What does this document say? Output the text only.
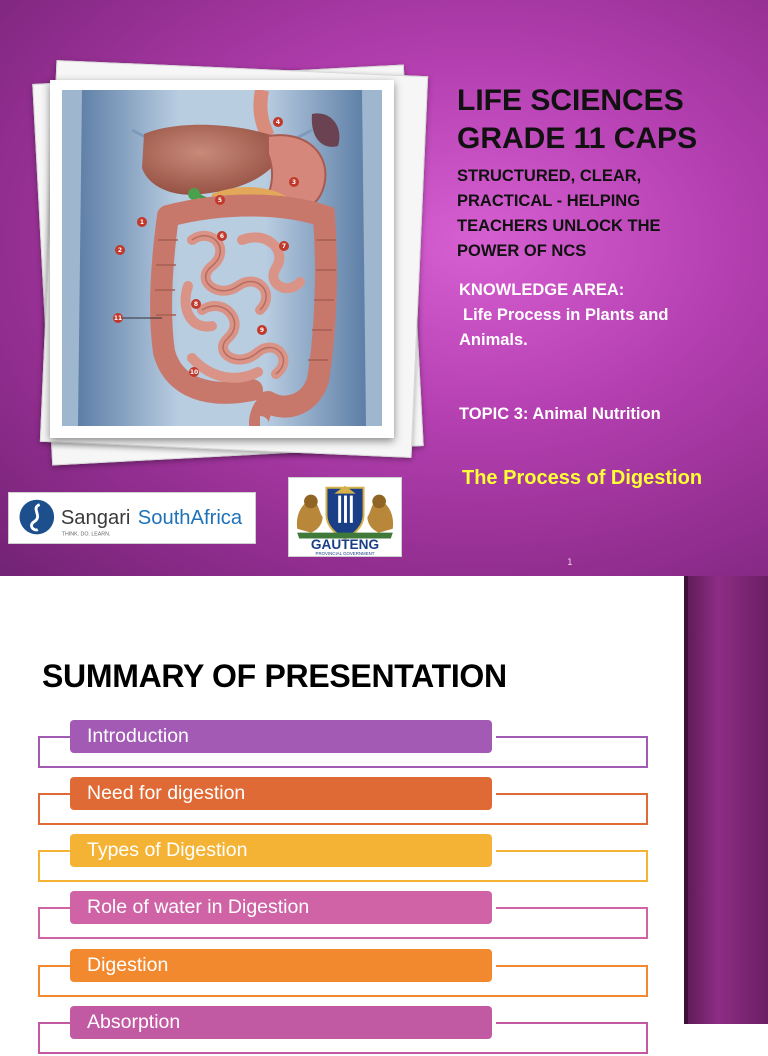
4
3
5
2
6
7
8
9
11
10
1
LIFE SCIENCES
GRADE 11 CAPS
STRUCTURED, CLEAR,
PRACTICAL - HELPING
TEACHERS UNLOCK THE
POWER OF NCS
KNOWLEDGE AREA:
Life Process in Plants and
Animals.
TOPIC 3: Animal Nutrition
The Process of Digestion
1
Sangari SouthAfrica
THINK. DO. LEARN.
GAUTENG
PROVINCIAL GOVERNMENT
SUMMARY OF PRESENTATION
Introduction
Need for digestion
Types of Digestion
Role of water in Digestion
Digestion
Absorption
